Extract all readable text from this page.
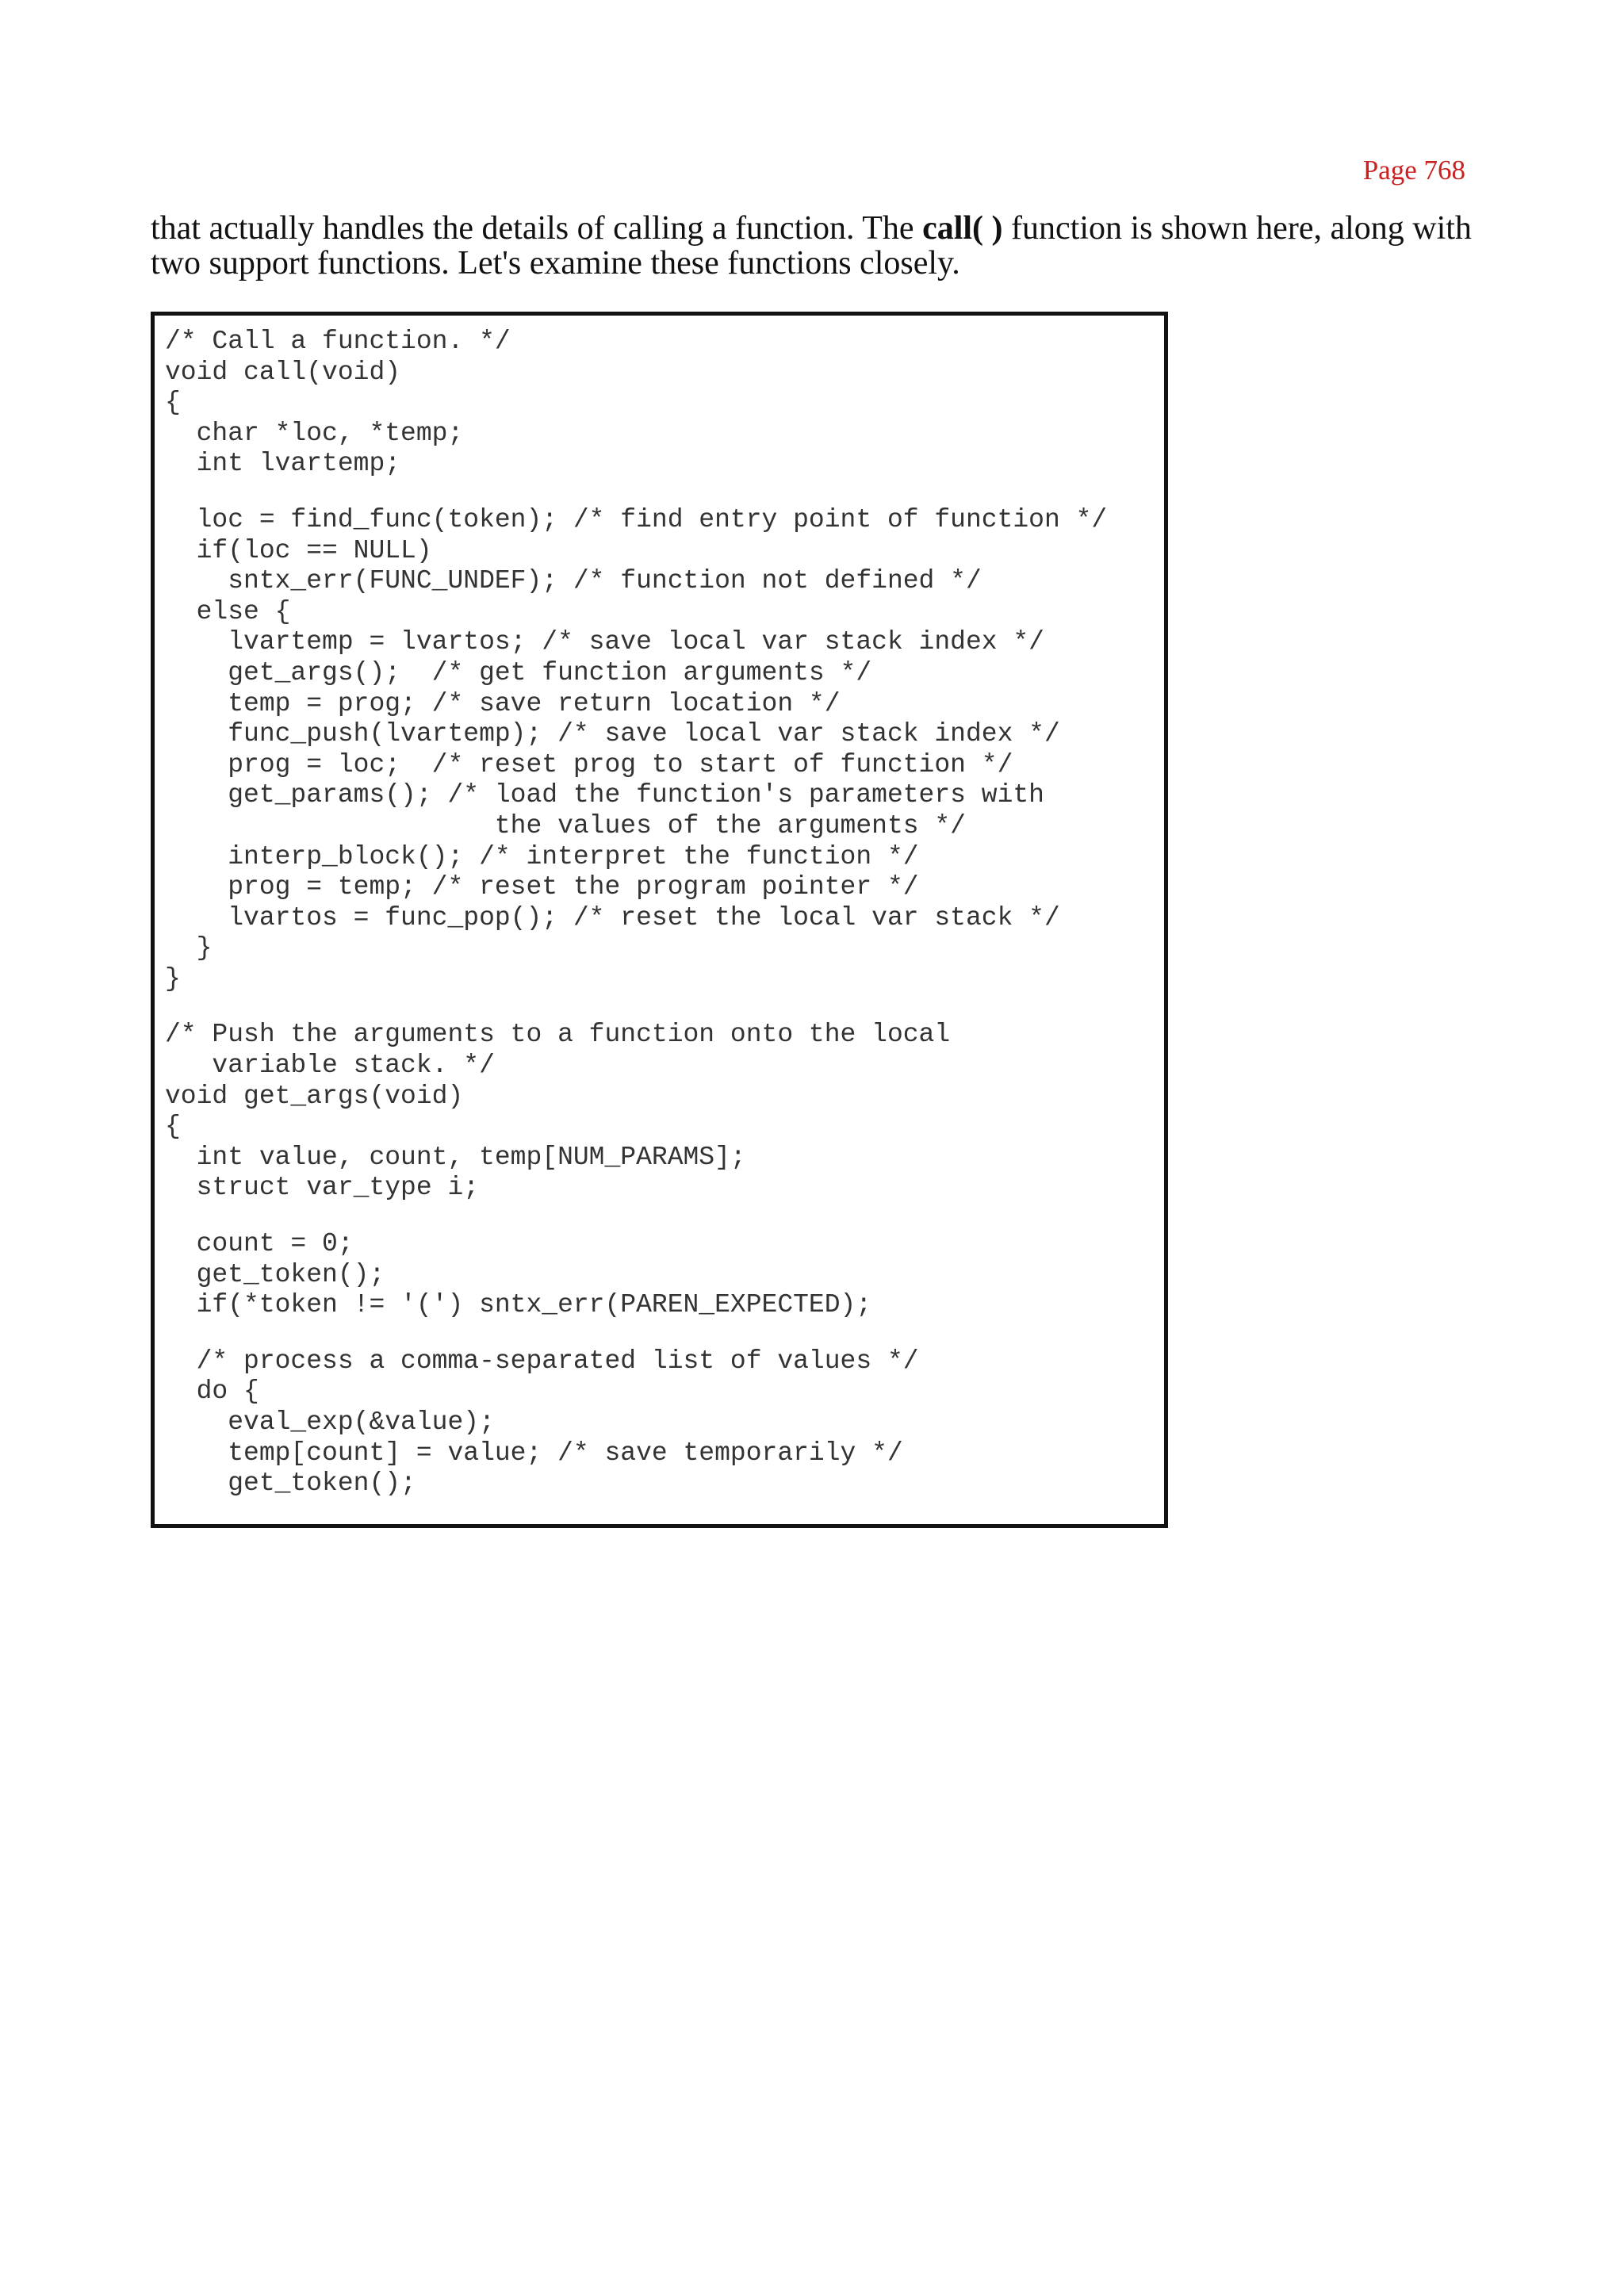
Page 768

that actually handles the details of calling a function. The call( ) function is shown here, along with two support functions. Let's examine these functions closely.

/* Call a function. */
void call(void)
{
char *loc, *temp;
int lvartemp;
loc = find_func(token); /* find entry point of function */
if(loc == NULL)
sntx_err(FUNC_UNDEF); /* function not defined */
else {
lvartemp = lvartos; /* save local var stack index */
get_args();  /* get function arguments */
temp = prog; /* save return location */
func_push(lvartemp); /* save local var stack index */
prog = loc;  /* reset prog to start of function */
get_params(); /* load the function's parameters with
the values of the arguments */
interp_block(); /* interpret the function */
prog = temp; /* reset the program pointer */
lvartos = func_pop(); /* reset the local var stack */
}
}
/* Push the arguments to a function onto the local
variable stack. */
void get_args(void)
{
int value, count, temp[NUM_PARAMS];
struct var_type i;
count = 0;
get_token();
if(*token != '(') sntx_err(PAREN_EXPECTED);
/* process a comma-separated list of values */
do {
eval_exp(&value);
temp[count] = value; /* save temporarily */
get_token();
